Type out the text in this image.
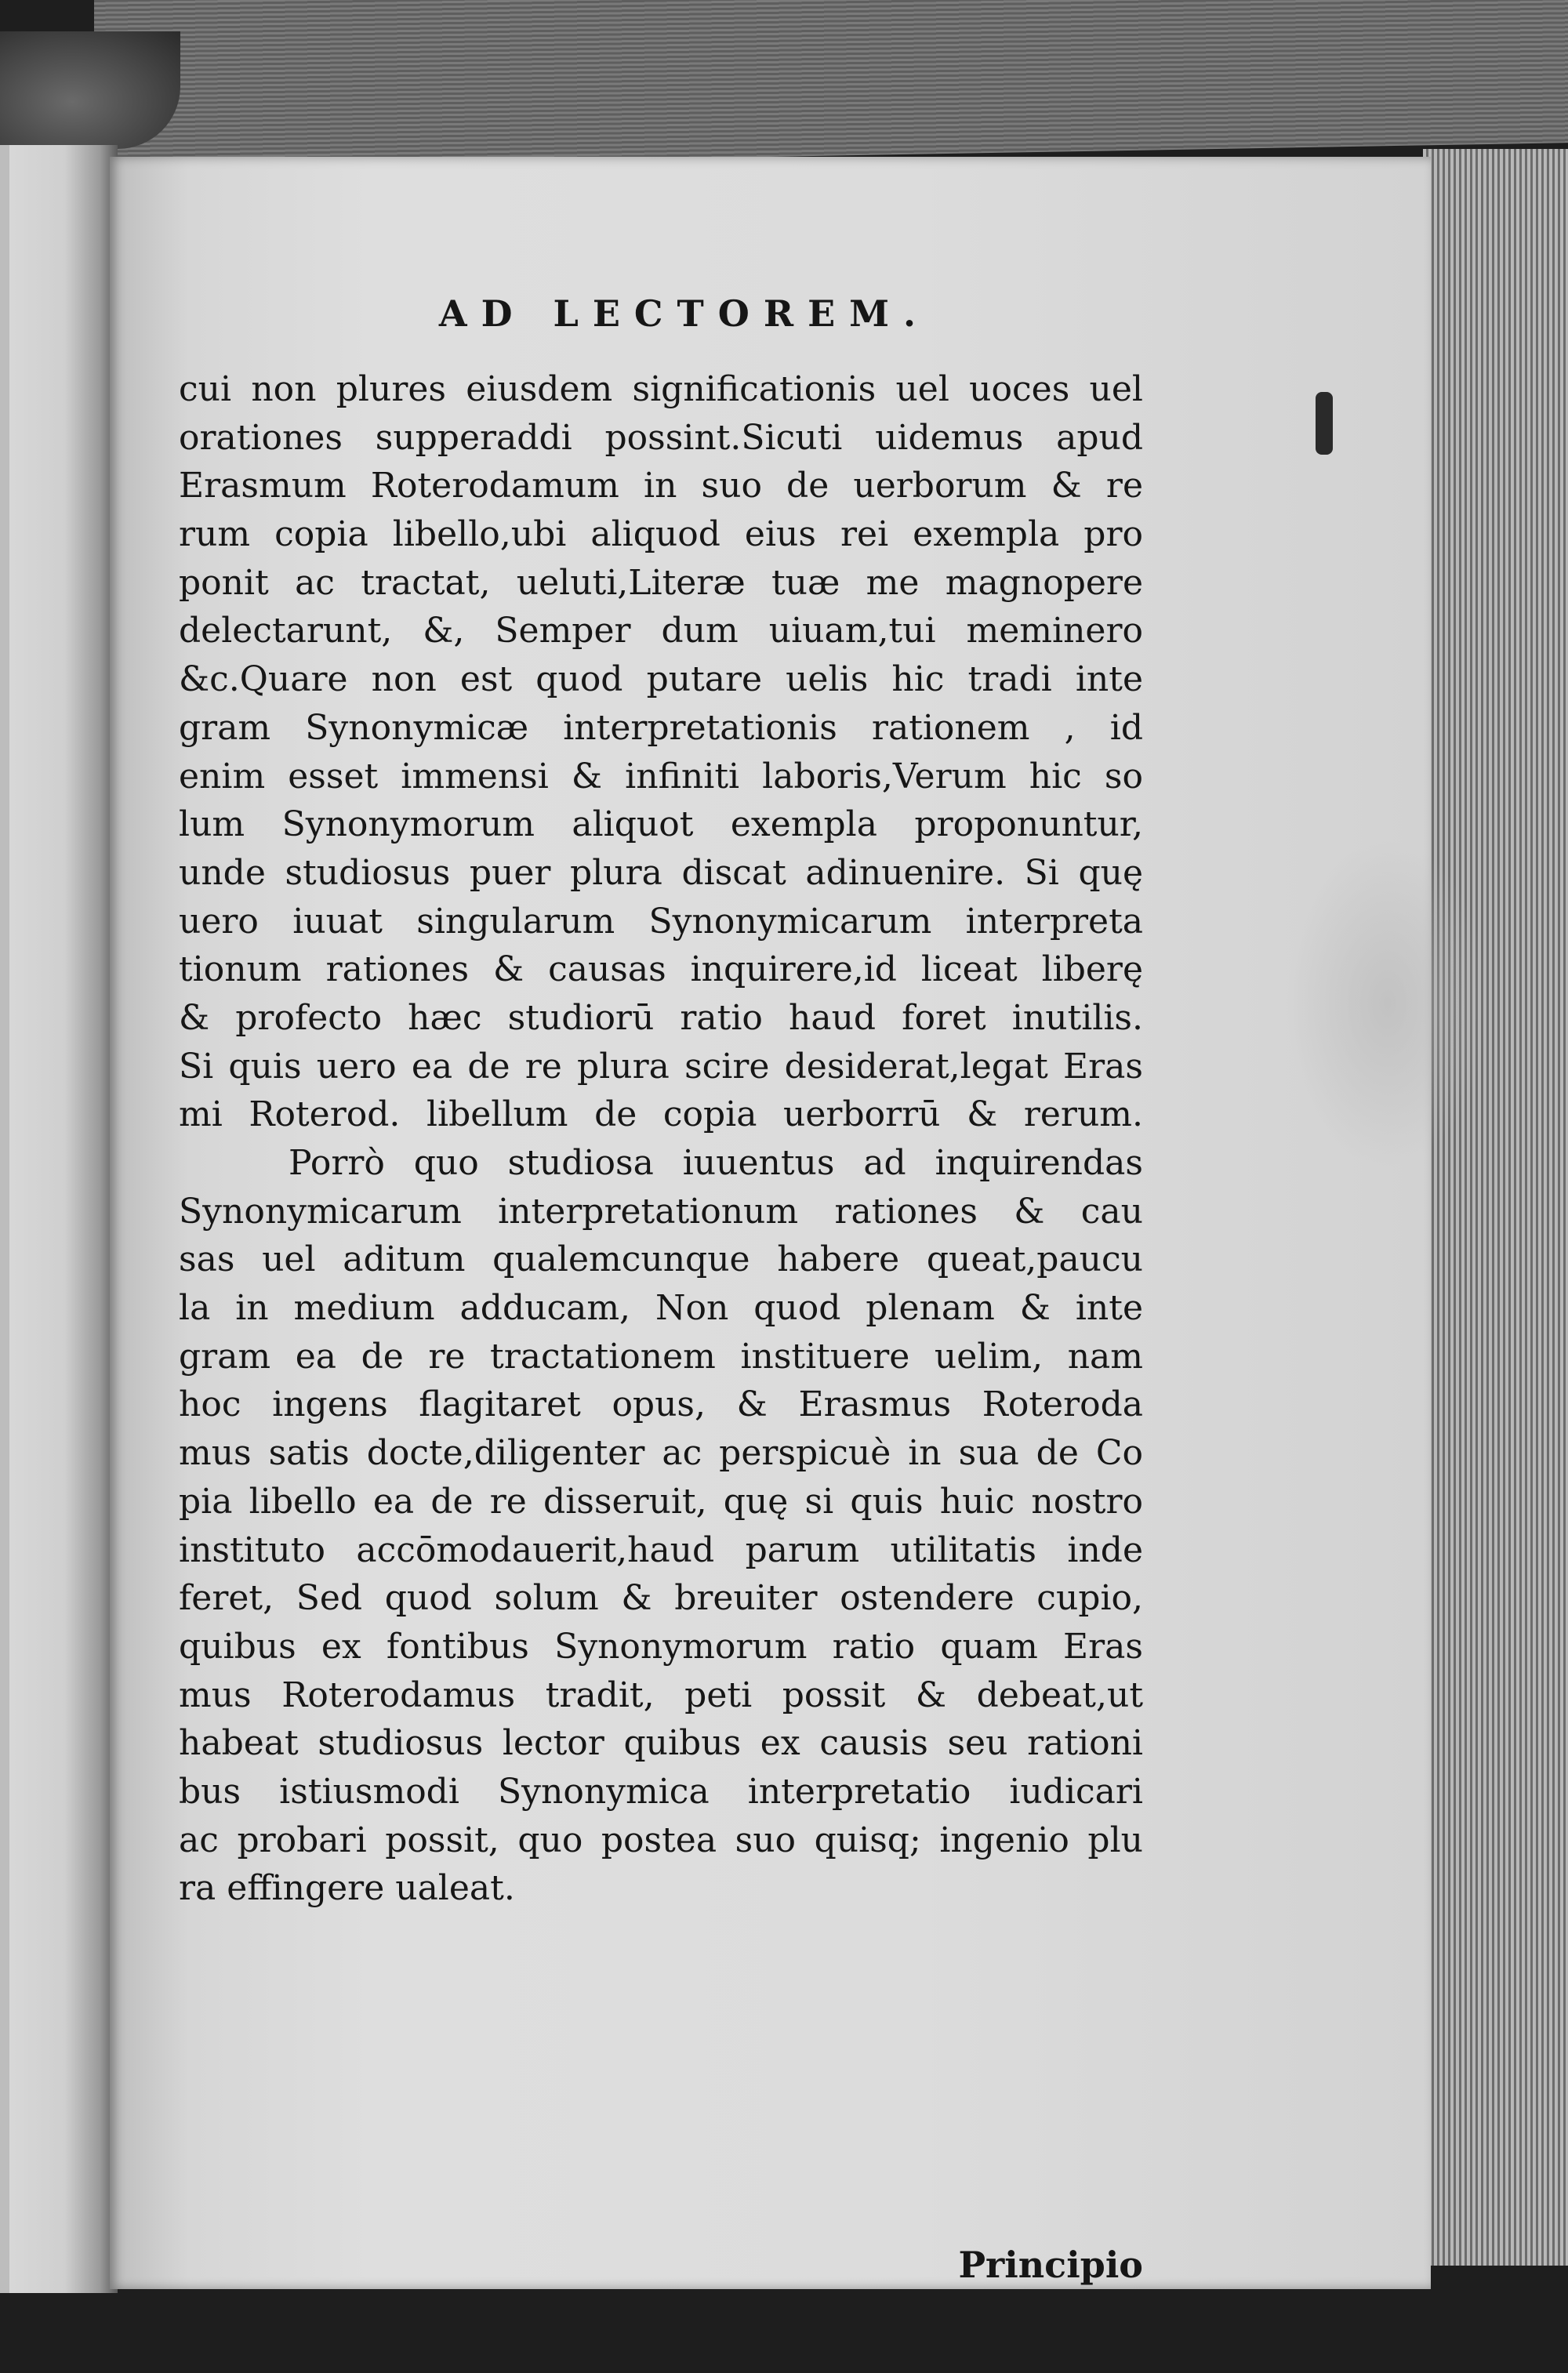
AD LECTOREM.
cui non plures eiusdem significationis uel uoces uel
orationes supperaddi possint.Sicuti uidemus apud
Erasmum Roterodamum in suo de uerborum & re
rum copia libello,ubi aliquod eius rei exempla pro
ponit ac tractat, ueluti,Literæ tuæ me magnopere
delectarunt, &, Semper dum uiuam,tui meminero
&c.Quare non est quod putare uelis hic tradi inte
gram Synonymicæ interpretationis rationem , id
enim esset immensi & infiniti laboris,Verum hic so
lum Synonymorum aliquot exempla proponuntur,
unde studiosus puer plura discat adinuenire. Si quę
uero iuuat singularum Synonymicarum interpreta
tionum rationes & causas inquirere,id liceat liberę
& profecto hæc studiorū ratio haud foret inutilis.
Si quis uero ea de re plura scire desiderat,legat Eras
mi Roterod. libellum de copia uerborrū & rerum.
Porrò quo studiosa iuuentus ad inquirendas
Synonymicarum interpretationum rationes & cau
sas uel aditum qualemcunque habere queat,paucu
la in medium adducam, Non quod plenam & inte
gram ea de re tractationem instituere uelim, nam
hoc ingens flagitaret opus, & Erasmus Roteroda
mus satis docte,diligenter ac perspicuè in sua de Co
pia libello ea de re disseruit, quę si quis huic nostro
instituto accōmodauerit,haud parum utilitatis inde
feret, Sed quod solum & breuiter ostendere cupio,
quibus ex fontibus Synonymorum ratio quam Eras
mus Roterodamus tradit, peti possit & debeat,ut
habeat studiosus lector quibus ex causis seu rationi
bus istiusmodi Synonymica interpretatio iudicari
ac probari possit, quo postea suo quisq; ingenio plu
ra effingere ualeat.
Principio
